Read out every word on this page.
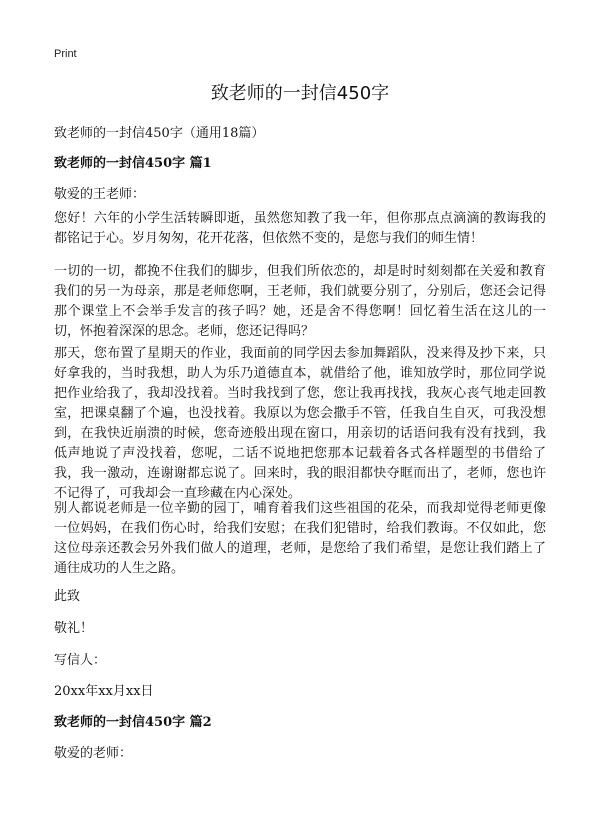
Print
致老师的一封信450字
致老师的一封信450字（通用18篇）
致老师的一封信450字 篇1
敬爱的王老师：

您好！六年的小学生活转瞬即逝，虽然您知教了我一年，但你那点点滴滴的教诲我的都铭记于心。岁月匆匆，花开花落，但依然不变的，是您与我们的师生情！

一切的一切，都挽不住我们的脚步，但我们所依恋的，却是时时刻刻都在关爱和教育我们的另一为母亲，那是老师您啊，王老师，我们就要分别了，分别后，您还会记得那个课堂上不会举手发言的孩子吗？她，还是舍不得您啊！回忆着生活在这儿的一切，怀抱着深深的思念。老师，您还记得吗？

那天，您布置了星期天的作业，我面前的同学因去参加舞蹈队，没来得及抄下来，只好拿我的，当时我想，助人为乐乃道德直本，就借给了他，谁知放学时，那位同学说把作业给我了，我却没找着。当时我找到了您，您让我再找找，我灰心丧气地走回教室，把课桌翻了个遍，也没找着。我原以为您会撒手不管，任我自生自灭，可我没想到，在我快近崩溃的时候，您奇迹般出现在窗口，用亲切的话语问我有没有找到，我低声地说了声没找着，您呢，二话不说地把您那本记载着各式各样题型的书借给了我，我一激动，连谢谢都忘说了。回来时，我的眼泪都快夺眶而出了，老师，您也许不记得了，可我却会一直珍藏在内心深处。

别人都说老师是一位辛勤的园丁，哺育着我们这些祖国的花朵，而我却觉得老师更像一位妈妈，在我们伤心时，给我们安慰；在我们犯错时，给我们教诲。不仅如此，您这位母亲还教会另外我们做人的道理，老师，是您给了我们希望，是您让我们踏上了通往成功的人生之路。

此致
敬礼！
写信人：
20xx年xx月xx日
致老师的一封信450字 篇2
敬爱的老师：
